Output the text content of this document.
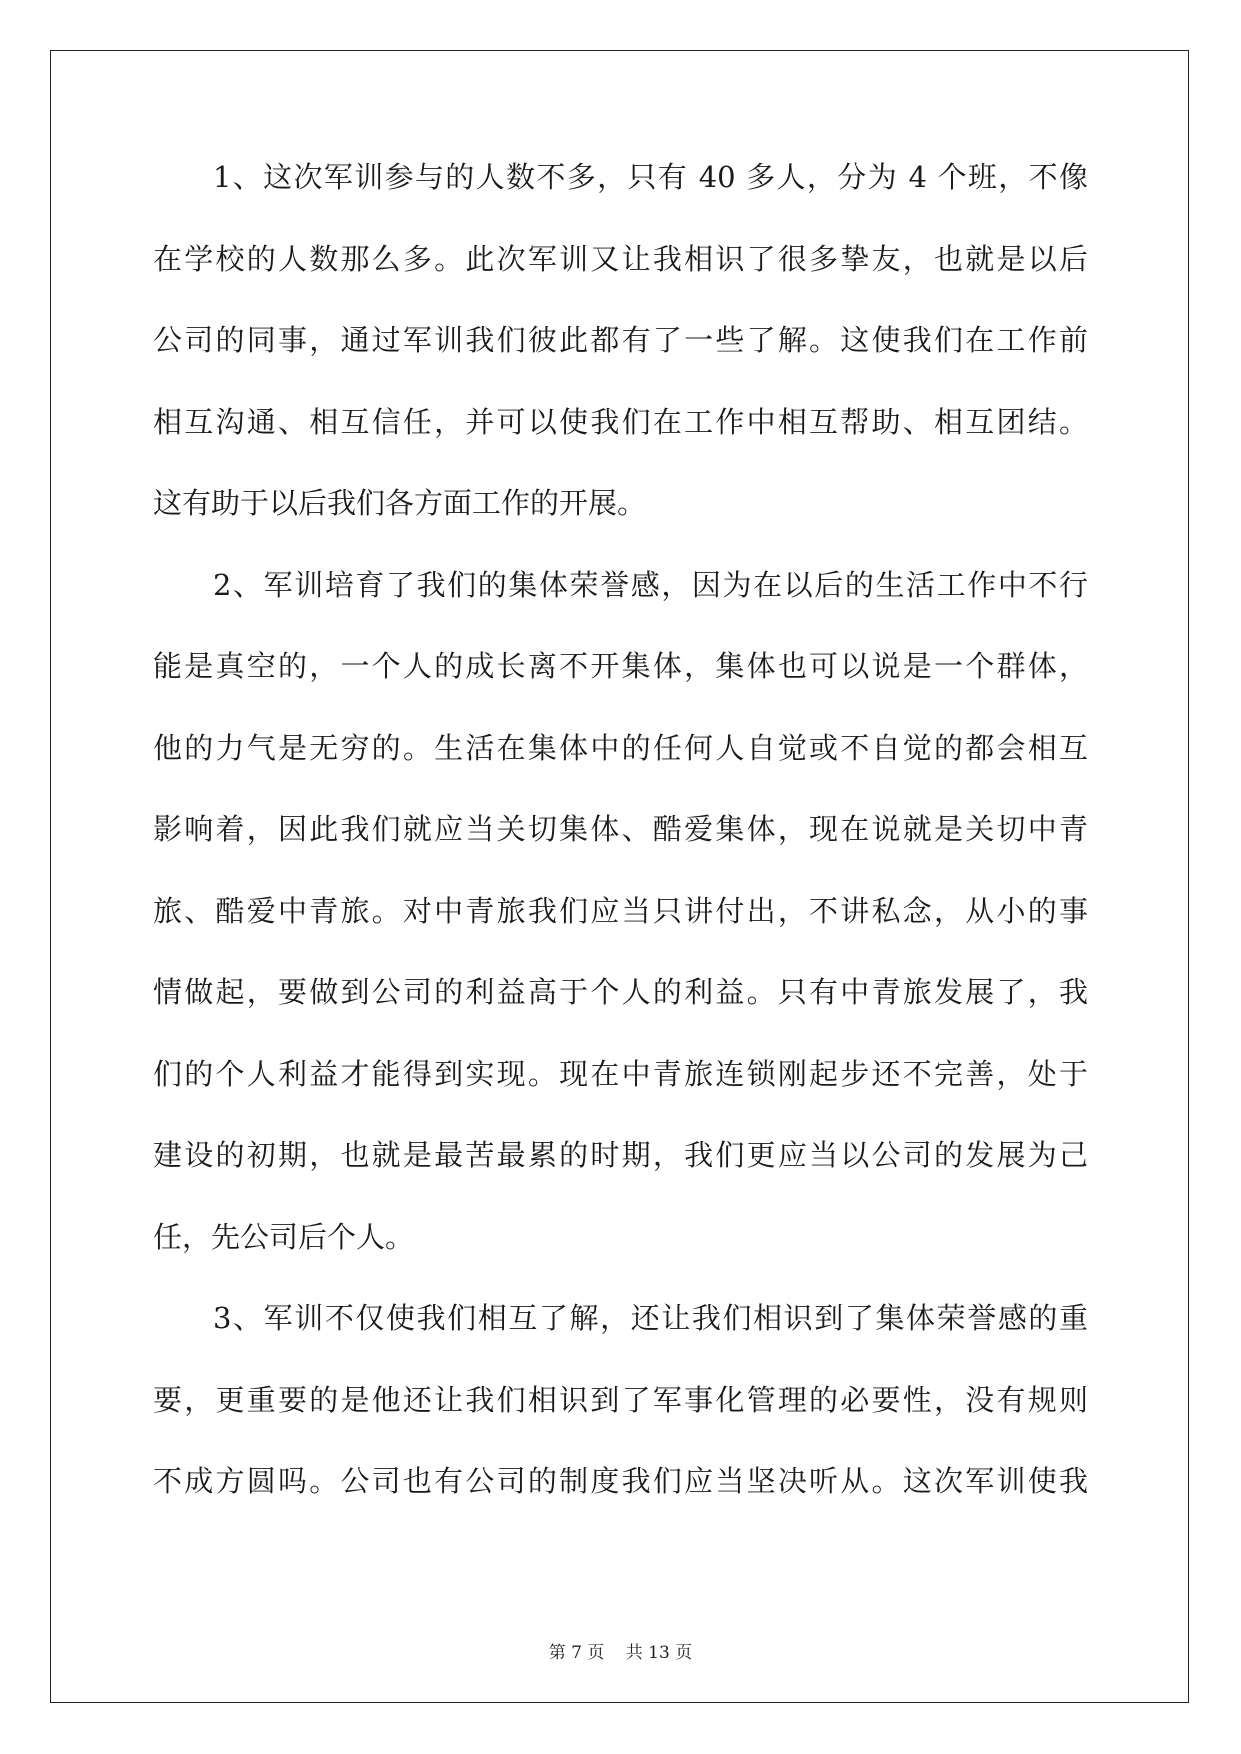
1、这次军训参与的人数不多，只有 40 多人，分为 4 个班，不像
在学校的人数那么多。此次军训又让我相识了很多挚友，也就是以后
公司的同事，通过军训我们彼此都有了一些了解。这使我们在工作前
相互沟通、相互信任，并可以使我们在工作中相互帮助、相互团结。
这有助于以后我们各方面工作的开展。
2、军训培育了我们的集体荣誉感，因为在以后的生活工作中不行
能是真空的，一个人的成长离不开集体，集体也可以说是一个群体，
他的力气是无穷的。生活在集体中的任何人自觉或不自觉的都会相互
影响着，因此我们就应当关切集体、酷爱集体，现在说就是关切中青
旅、酷爱中青旅。对中青旅我们应当只讲付出，不讲私念，从小的事
情做起，要做到公司的利益高于个人的利益。只有中青旅发展了，我
们的个人利益才能得到实现。现在中青旅连锁刚起步还不完善，处于
建设的初期，也就是最苦最累的时期，我们更应当以公司的发展为己
任，先公司后个人。
3、军训不仅使我们相互了解，还让我们相识到了集体荣誉感的重
要，更重要的是他还让我们相识到了军事化管理的必要性，没有规则
不成方圆吗。公司也有公司的制度我们应当坚决听从。这次军训使我
第 7 页 共 13 页
